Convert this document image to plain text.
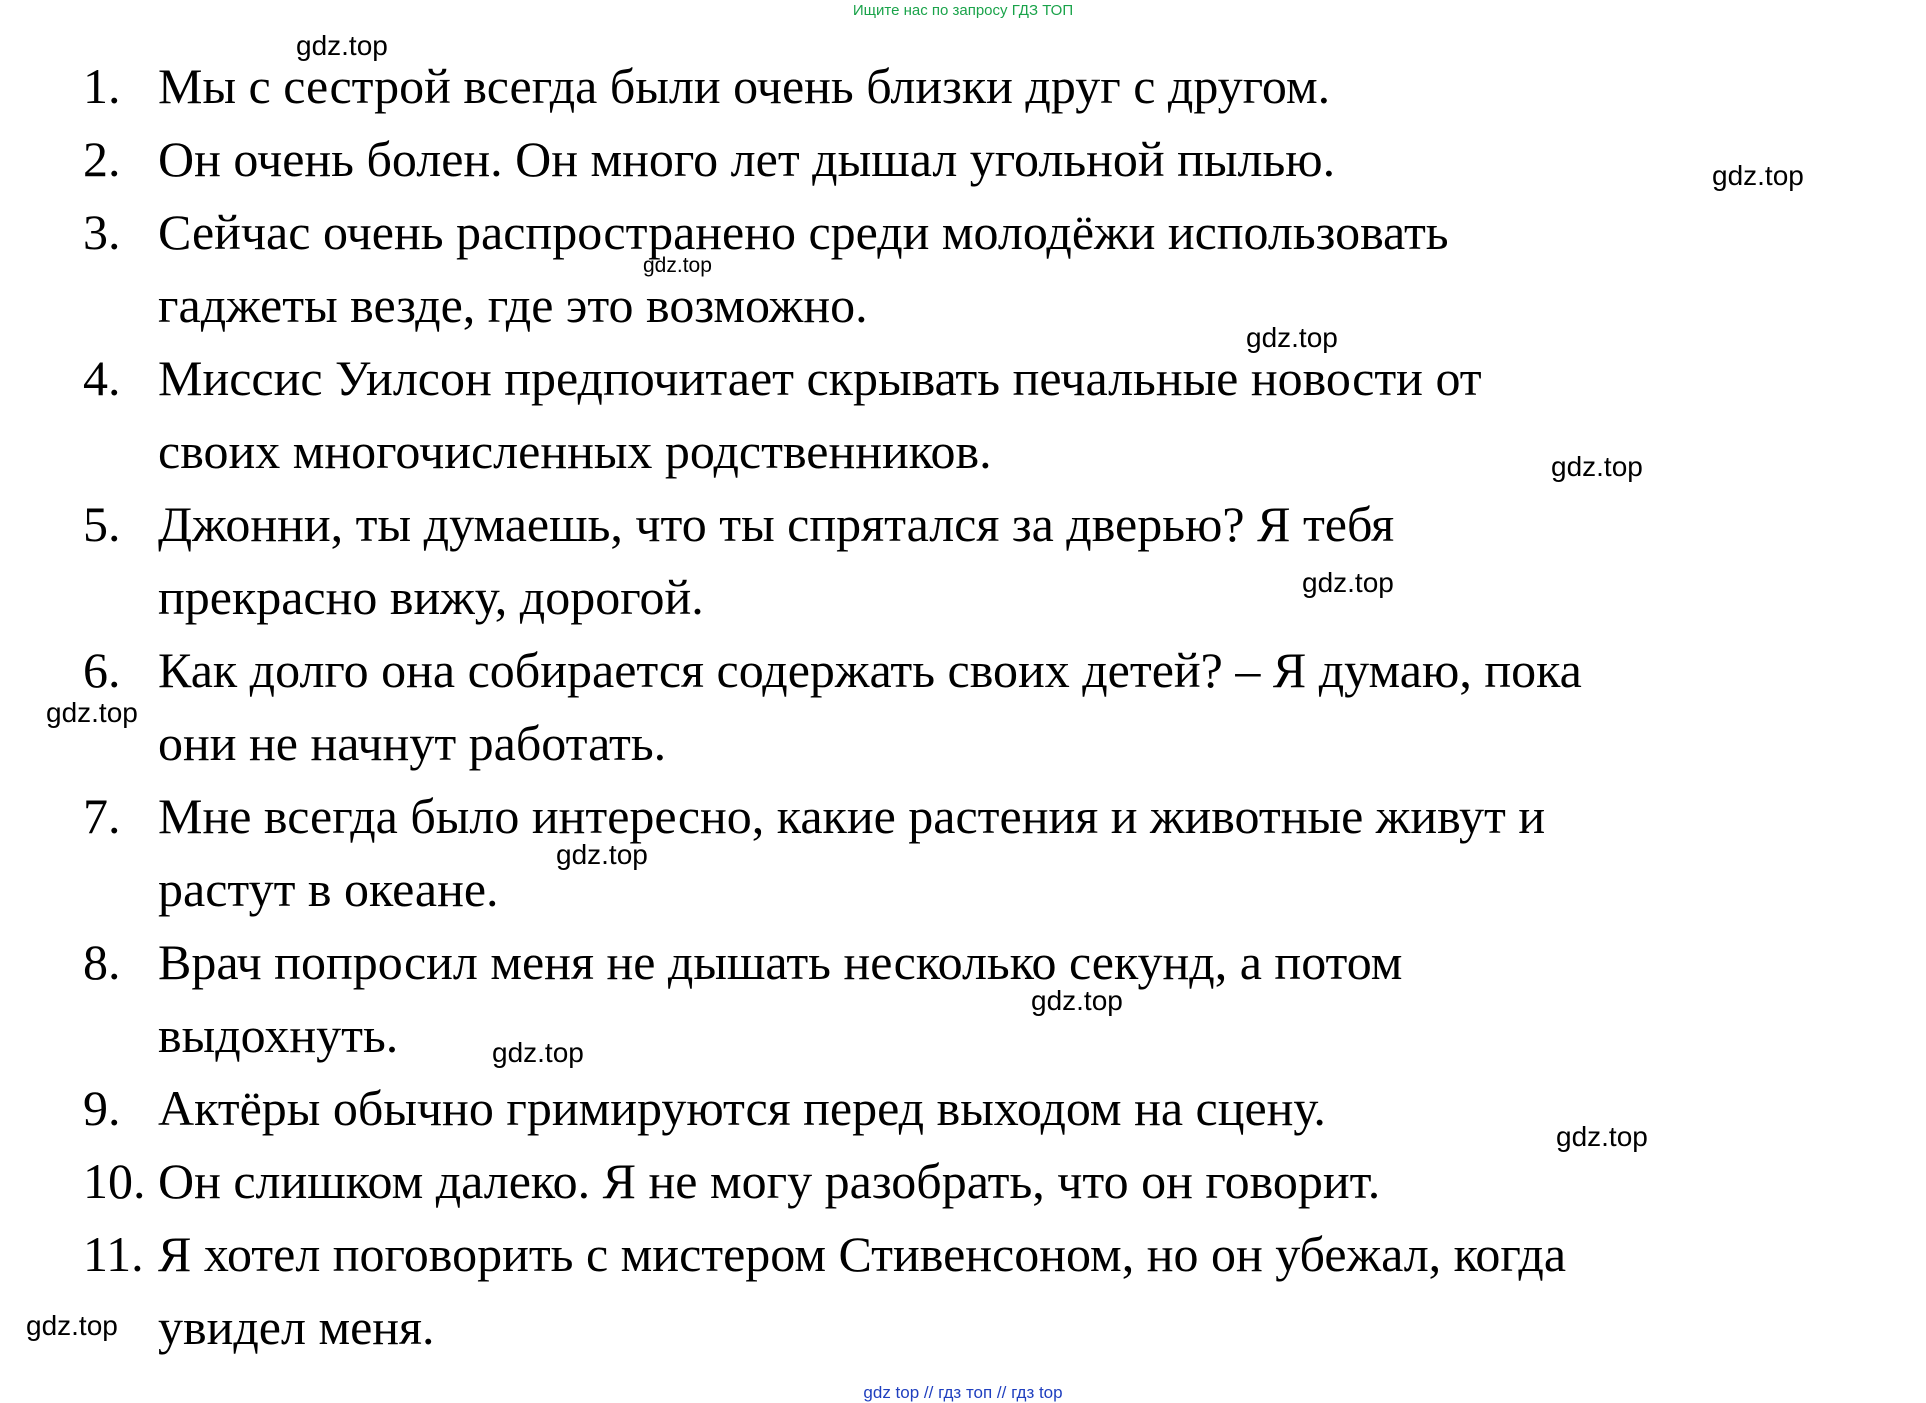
Ищите нас по запросу ГДЗ ТОП
1.
2.
3.
4.
5.
6.
7.
8.
9.
10.
11.
Мы с сестрой всегда были очень близки друг с другом.
Он очень болен. Он много лет дышал угольной пылью.
Сейчас очень распространено среди молодёжи использовать
гаджеты везде, где это возможно.
Миссис Уилсон предпочитает скрывать печальные новости от
своих многочисленных родственников.
Джонни, ты думаешь, что ты спрятался за дверью? Я тебя
прекрасно вижу, дорогой.
Как долго она собирается содержать своих детей? – Я думаю, пока
они не начнут работать.
Мне всегда было интересно, какие растения и животные живут и
растут в океане.
Врач попросил меня не дышать несколько секунд, а потом
выдохнуть.
Актёры обычно гримируются перед выходом на сцену.
Он слишком далеко. Я не могу разобрать, что он говорит.
Я хотел поговорить с мистером Стивенсоном, но он убежал, когда
увидел меня.
gdz.top
gdz.top
gdz.top
gdz.top
gdz.top
gdz.top
gdz.top
gdz.top
gdz.top
gdz.top
gdz.top
gdz.top
gdz top // гдз топ // гдз top
